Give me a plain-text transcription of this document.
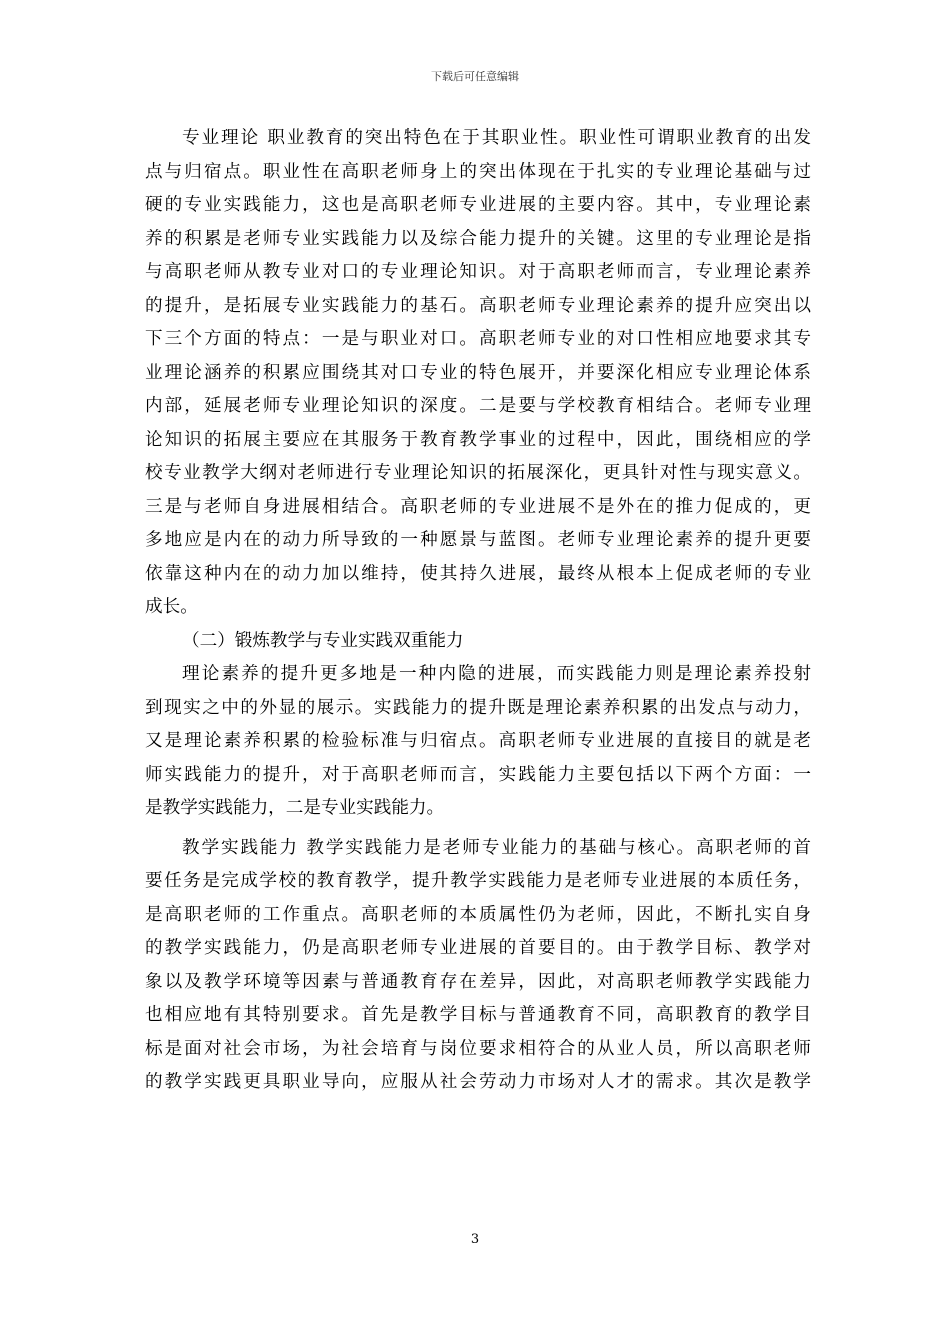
下载后可任意编辑
专业理论 职业教育的突出特色在于其职业性。职业性可谓职业教育的出发
点与归宿点。职业性在高职老师身上的突出体现在于扎实的专业理论基础与过
硬的专业实践能力，这也是高职老师专业进展的主要内容。其中，专业理论素
养的积累是老师专业实践能力以及综合能力提升的关键。这里的专业理论是指
与高职老师从教专业对口的专业理论知识。对于高职老师而言，专业理论素养
的提升，是拓展专业实践能力的基石。高职老师专业理论素养的提升应突出以
下三个方面的特点：一是与职业对口。高职老师专业的对口性相应地要求其专
业理论涵养的积累应围绕其对口专业的特色展开，并要深化相应专业理论体系
内部，延展老师专业理论知识的深度。二是要与学校教育相结合。老师专业理
论知识的拓展主要应在其服务于教育教学事业的过程中，因此，围绕相应的学
校专业教学大纲对老师进行专业理论知识的拓展深化，更具针对性与现实意义。
三是与老师自身进展相结合。高职老师的专业进展不是外在的推力促成的，更
多地应是内在的动力所导致的一种愿景与蓝图。老师专业理论素养的提升更要
依靠这种内在的动力加以维持，使其持久进展，最终从根本上促成老师的专业
成长。
（二）锻炼教学与专业实践双重能力
理论素养的提升更多地是一种内隐的进展，而实践能力则是理论素养投射
到现实之中的外显的展示。实践能力的提升既是理论素养积累的出发点与动力，
又是理论素养积累的检验标准与归宿点。高职老师专业进展的直接目的就是老
师实践能力的提升，对于高职老师而言，实践能力主要包括以下两个方面：一
是教学实践能力，二是专业实践能力。
教学实践能力 教学实践能力是老师专业能力的基础与核心。高职老师的首
要任务是完成学校的教育教学，提升教学实践能力是老师专业进展的本质任务，
是高职老师的工作重点。高职老师的本质属性仍为老师，因此，不断扎实自身
的教学实践能力，仍是高职老师专业进展的首要目的。由于教学目标、教学对
象以及教学环境等因素与普通教育存在差异，因此，对高职老师教学实践能力
也相应地有其特别要求。首先是教学目标与普通教育不同，高职教育的教学目
标是面对社会市场，为社会培育与岗位要求相符合的从业人员，所以高职老师
的教学实践更具职业导向，应服从社会劳动力市场对人才的需求。其次是教学
3
